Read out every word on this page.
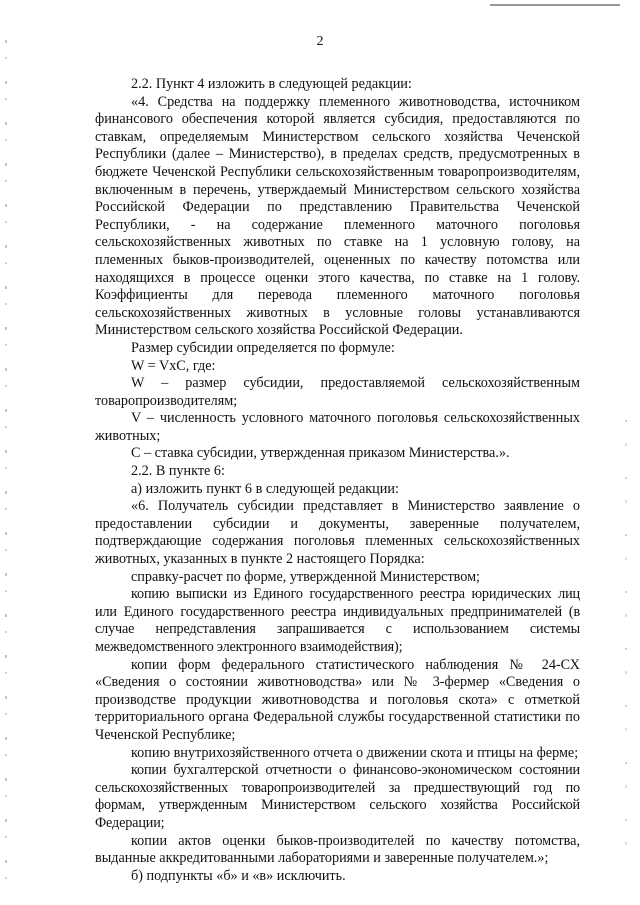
2

2.2. Пункт 4 изложить в следующей редакции:

«4. Средства на поддержку племенного животноводства, источником финансового обеспечения которой является субсидия, предоставляются по ставкам, определяемым Министерством сельского хозяйства Чеченской Республики (далее – Министерство), в пределах средств, предусмотренных в бюджете Чеченской Республики сельскохозяйственным товаропроизводителям, включенным в перечень, утверждаемый Министерством сельского хозяйства Российской Федерации по представлению Правительства Чеченской Республики, - на содержание племенного маточного поголовья сельскохозяйственных животных по ставке на 1 условную голову, на племенных быков-производителей, оцененных по качеству потомства или находящихся в процессе оценки этого качества, по ставке на 1 голову. Коэффициенты для перевода племенного маточного поголовья сельскохозяйственных животных в условные головы устанавливаются Министерством сельского хозяйства Российской Федерации.

Размер субсидии определяется по формуле:

W = VxC, где:

W – размер субсидии, предоставляемой сельскохозяйственным товаропроизводителям;

V – численность условного маточного поголовья сельскохозяйственных животных;

С – ставка субсидии, утвержденная приказом Министерства.».

2.2. В пункте 6:

а) изложить пункт 6 в следующей редакции:

«6. Получатель субсидии представляет в Министерство заявление о предоставлении субсидии и документы, заверенные получателем, подтверждающие содержания поголовья племенных сельскохозяйственных животных, указанных в пункте 2 настоящего Порядка:

справку-расчет по форме, утвержденной Министерством;

копию выписки из Единого государственного реестра юридических лиц или Единого государственного реестра индивидуальных предпринимателей (в случае непредставления запрашивается с использованием системы межведомственного электронного взаимодействия);

копии форм федерального статистического наблюдения № 24-СХ «Сведения о состоянии животноводства» или № 3-фермер «Сведения о производстве продукции животноводства и поголовья скота» с отметкой территориального органа Федеральной службы государственной статистики по Чеченской Республике;

копию внутрихозяйственного отчета о движении скота и птицы на ферме;

копии бухгалтерской отчетности о финансово-экономическом состоянии сельскохозяйственных товаропроизводителей за предшествующий год по формам, утвержденным Министерством сельского хозяйства Российской Федерации;

копии актов оценки быков-производителей по качеству потомства, выданные аккредитованными лабораториями и заверенные получателем.»;

б) подпункты «б» и «в» исключить.
